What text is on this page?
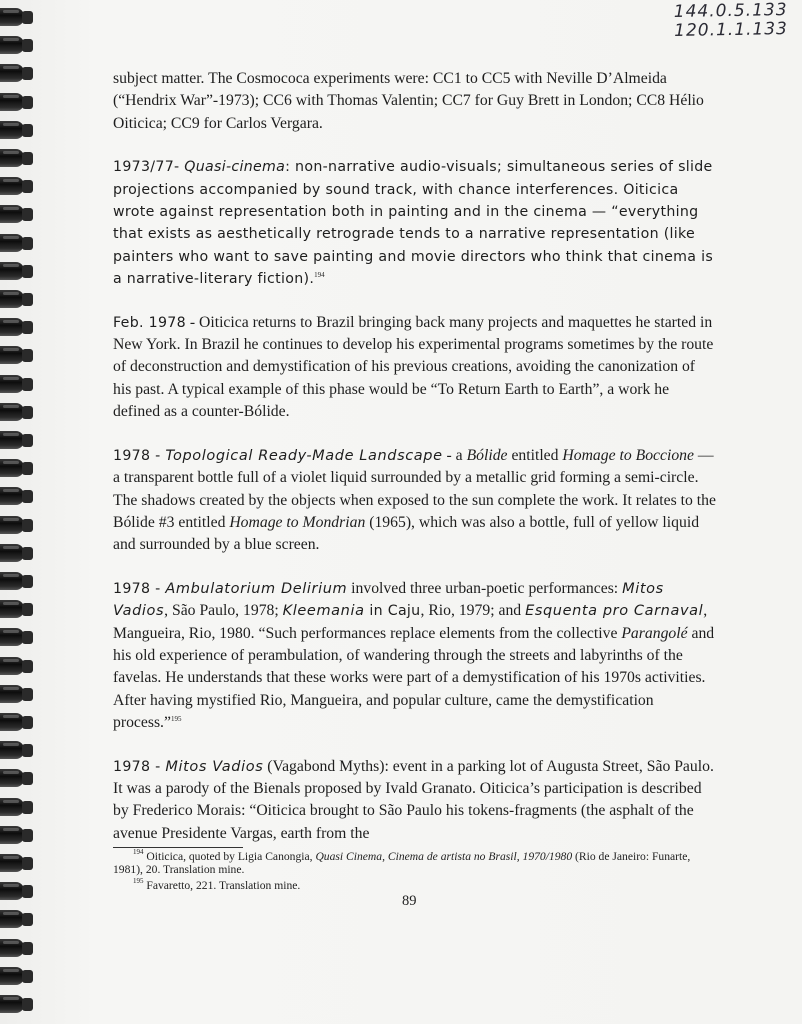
144.0.5.133
120.1.1.133

subject matter. The Cosmococa experiments were: CC1 to CC5 with Neville D’Almeida (“Hendrix War”-1973); CC6 with Thomas Valentin; CC7 for Guy Brett in London; CC8 Hélio Oiticica; CC9 for Carlos Vergara.

1973/77- Quasi-cinema: non-narrative audio-visuals; simultaneous series of slide projections accompanied by sound track, with chance interferences. Oiticica wrote against representation both in painting and in the cinema — “everything that exists as aesthetically retrograde tends to a narrative representation (like painters who want to save painting and movie directors who think that cinema is a narrative-literary fiction).$^{194}$

Feb. 1978 - Oiticica returns to Brazil bringing back many projects and maquettes he started in New York. In Brazil he continues to develop his experimental programs sometimes by the route of deconstruction and demystification of his previous creations, avoiding the canonization of his past. A typical example of this phase would be “To Return Earth to Earth”, a work he defined as a counter-Bólide.

1978 - Topological Ready-Made Landscape - a Bólide entitled Homage to Boccione — a transparent bottle full of a violet liquid surrounded by a metallic grid forming a semi-circle. The shadows created by the objects when exposed to the sun complete the work. It relates to the Bólide #3 entitled Homage to Mondrian (1965), which was also a bottle, full of yellow liquid and surrounded by a blue screen.

1978 - Ambulatorium Delirium involved three urban-poetic performances: Mitos Vadios, São Paulo, 1978; Kleemania in Caju, Rio, 1979; and Esquenta pro Carnaval, Mangueira, Rio, 1980. “Such performances replace elements from the collective Parangolé and his old experience of perambulation, of wandering through the streets and labyrinths of the favelas. He understands that these works were part of a demystification of his 1970s activities. After having mystified Rio, Mangueira, and popular culture, came the demystification process.”$^{195}$

1978 - Mitos Vadios (Vagabond Myths): event in a parking lot of Augusta Street, São Paulo. It was a parody of the Bienals proposed by Ivald Granato. Oiticica’s participation is described by Frederico Morais: “Oiticica brought to São Paulo his tokens-fragments (the asphalt of the avenue Presidente Vargas, earth from the

$^{194}$ Oiticica, quoted by Ligia Canongia, Quasi Cinema, Cinema de artista no Brasil, 1970/1980 (Rio de Janeiro: Funarte, 1981), 20. Translation mine.

$^{195}$ Favaretto, 221. Translation mine.

89
